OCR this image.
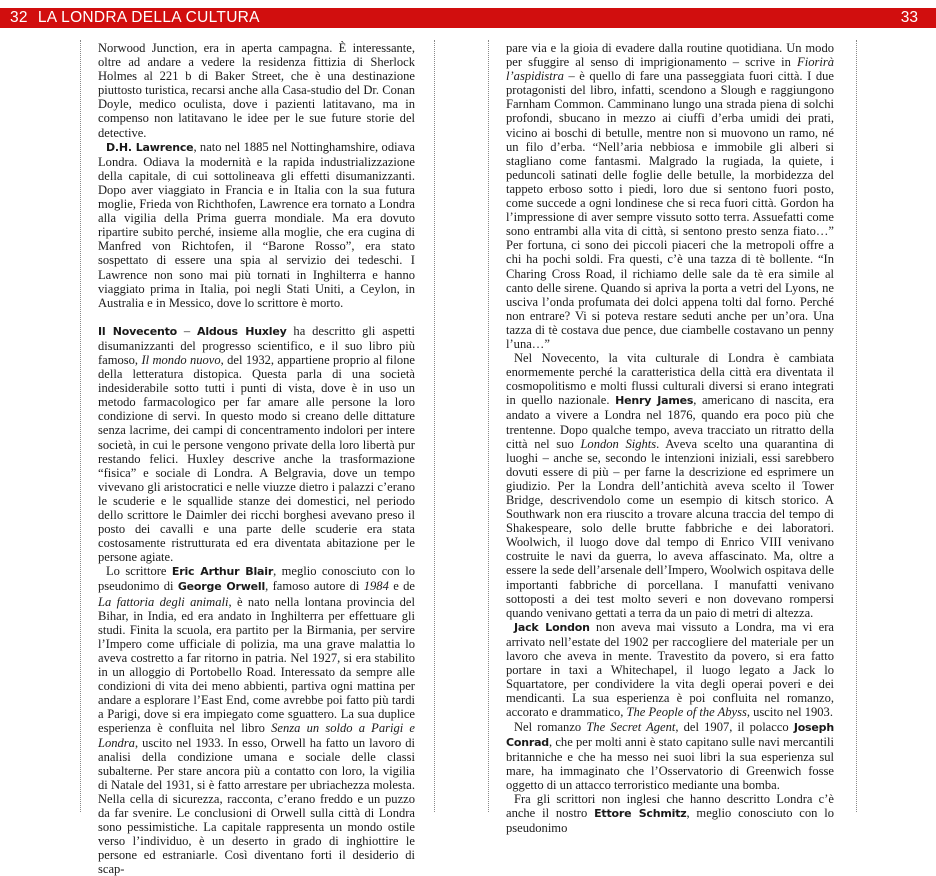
32 LA LONDRA DELLA CULTURA	33

Norwood Junction, era in aperta campagna. È interessante, oltre ad andare a vedere la residenza fittizia di Sherlock Holmes al 221 b di Baker Street, che è una destinazione piuttosto turistica, recarsi anche alla Casa-studio del Dr. Conan Doyle, medico oculista, dove i pazienti latitavano, ma in compenso non latitavano le idee per le sue future storie del detective.

D.H. Lawrence, nato nel 1885 nel Nottinghamshire, odiava Londra. Odiava la modernità e la rapida industrializzazione della capitale, di cui sottolineava gli effetti disumanizzanti. Dopo aver viaggiato in Francia e in Italia con la sua futura moglie, Frieda von Richthofen, Lawrence era tornato a Londra alla vigilia della Prima guerra mondiale. Ma era dovuto ripartire subito perché, insieme alla moglie, che era cugina di Manfred von Richtofen, il “Barone Rosso”, era stato sospettato di essere una spia al servizio dei tedeschi. I Lawrence non sono mai più tornati in Inghilterra e hanno viaggiato prima in Italia, poi negli Stati Uniti, a Ceylon, in Australia e in Messico, dove lo scrittore è morto.

Il Novecento – Aldous Huxley ha descritto gli aspetti disumanizzanti del progresso scientifico, e il suo libro più famoso, Il mondo nuovo, del 1932, appartiene proprio al filone della letteratura distopica. Questa parla di una società indesiderabile sotto tutti i punti di vista, dove è in uso un metodo farmacologico per far amare alle persone la loro condizione di servi. In questo modo si creano delle dittature senza lacrime, dei campi di concentramento indolori per intere società, in cui le persone vengono private della loro libertà pur restando felici. Huxley descrive anche la trasformazione “fisica” e sociale di Londra. A Belgravia, dove un tempo vivevano gli aristocratici e nelle viuzze dietro i palazzi c’erano le scuderie e le squallide stanze dei domestici, nel periodo dello scrittore le Daimler dei ricchi borghesi avevano preso il posto dei cavalli e una parte delle scuderie era stata costosamente ristrutturata ed era diventata abitazione per le persone agiate.

Lo scrittore Eric Arthur Blair, meglio conosciuto con lo pseudonimo di George Orwell, famoso autore di 1984 e de La fattoria degli animali, è nato nella lontana provincia del Bihar, in India, ed era andato in Inghilterra per effettuare gli studi. Finita la scuola, era partito per la Birmania, per servire l’Impero come ufficiale di polizia, ma una grave malattia lo aveva costretto a far ritorno in patria. Nel 1927, si era stabilito in un alloggio di Portobello Road. Interessato da sempre alle condizioni di vita dei meno abbienti, partiva ogni mattina per andare a esplorare l’East End, come avrebbe poi fatto più tardi a Parigi, dove si era impiegato come sguattero. La sua duplice esperienza è confluita nel libro Senza un soldo a Parigi e Londra, uscito nel 1933. In esso, Orwell ha fatto un lavoro di analisi della condizione umana e sociale delle classi subalterne. Per stare ancora più a contatto con loro, la vigilia di Natale del 1931, si è fatto arrestare per ubriachezza molesta. Nella cella di sicurezza, racconta, c’erano freddo e un puzzo da far svenire. Le conclusioni di Orwell sulla città di Londra sono pessimistiche. La capitale rappresenta un mondo ostile verso l’individuo, è un deserto in grado di inghiottire le persone ed estraniarle. Così diventano forti il desiderio di scap-

pare via e la gioia di evadere dalla routine quotidiana. Un modo per sfuggire al senso di imprigionamento – scrive in Fiorirà l’aspidistra – è quello di fare una passeggiata fuori città. I due protagonisti del libro, infatti, scendono a Slough e raggiungono Farnham Common. Camminano lungo una strada piena di solchi profondi, sbucano in mezzo ai ciuffi d’erba umidi dei prati, vicino ai boschi di betulle, mentre non si muovono un ramo, né un filo d’erba. “Nell’aria nebbiosa e immobile gli alberi si stagliano come fantasmi. Malgrado la rugiada, la quiete, i peduncoli satinati delle foglie delle betulle, la morbidezza del tappeto erboso sotto i piedi, loro due si sentono fuori posto, come succede a ogni londinese che si reca fuori città. Gordon ha l’impressione di aver sempre vissuto sotto terra. Assuefatti come sono entrambi alla vita di città, si sentono presto senza fiato…” Per fortuna, ci sono dei piccoli piaceri che la metropoli offre a chi ha pochi soldi. Fra questi, c’è una tazza di tè bollente. “In Charing Cross Road, il richiamo delle sale da tè era simile al canto delle sirene. Quando si apriva la porta a vetri del Lyons, ne usciva l’onda profumata dei dolci appena tolti dal forno. Perché non entrare? Vi si poteva restare seduti anche per un’ora. Una tazza di tè costava due pence, due ciambelle costavano un penny l’una…”

Nel Novecento, la vita culturale di Londra è cambiata enormemente perché la caratteristica della città era diventata il cosmopolitismo e molti flussi culturali diversi si erano integrati in quello nazionale. Henry James, americano di nascita, era andato a vivere a Londra nel 1876, quando era poco più che trentenne. Dopo qualche tempo, aveva tracciato un ritratto della città nel suo London Sights. Aveva scelto una quarantina di luoghi – anche se, secondo le intenzioni iniziali, essi sarebbero dovuti essere di più – per farne la descrizione ed esprimere un giudizio. Per la Londra dell’antichità aveva scelto il Tower Bridge, descrivendolo come un esempio di kitsch storico. A Southwark non era riuscito a trovare alcuna traccia del tempo di Shakespeare, solo delle brutte fabbriche e dei laboratori. Woolwich, il luogo dove dal tempo di Enrico VIII venivano costruite le navi da guerra, lo aveva affascinato. Ma, oltre a essere la sede dell’arsenale dell’Impero, Woolwich ospitava delle importanti fabbriche di porcellana. I manufatti venivano sottoposti a dei test molto severi e non dovevano rompersi quando venivano gettati a terra da un paio di metri di altezza.

Jack London non aveva mai vissuto a Londra, ma vi era arrivato nell’estate del 1902 per raccogliere del materiale per un lavoro che aveva in mente. Travestito da povero, si era fatto portare in taxi a Whitechapel, il luogo legato a Jack lo Squartatore, per condividere la vita degli operai poveri e dei mendicanti. La sua esperienza è poi confluita nel romanzo, accorato e drammatico, The People of the Abyss, uscito nel 1903.

Nel romanzo The Secret Agent, del 1907, il polacco Joseph Conrad, che per molti anni è stato capitano sulle navi mercantili britanniche e che ha messo nei suoi libri la sua esperienza sul mare, ha immaginato che l’Osservatorio di Greenwich fosse oggetto di un attacco terroristico mediante una bomba.

Fra gli scrittori non inglesi che hanno descritto Londra c’è anche il nostro Ettore Schmitz, meglio conosciuto con lo pseudonimo
